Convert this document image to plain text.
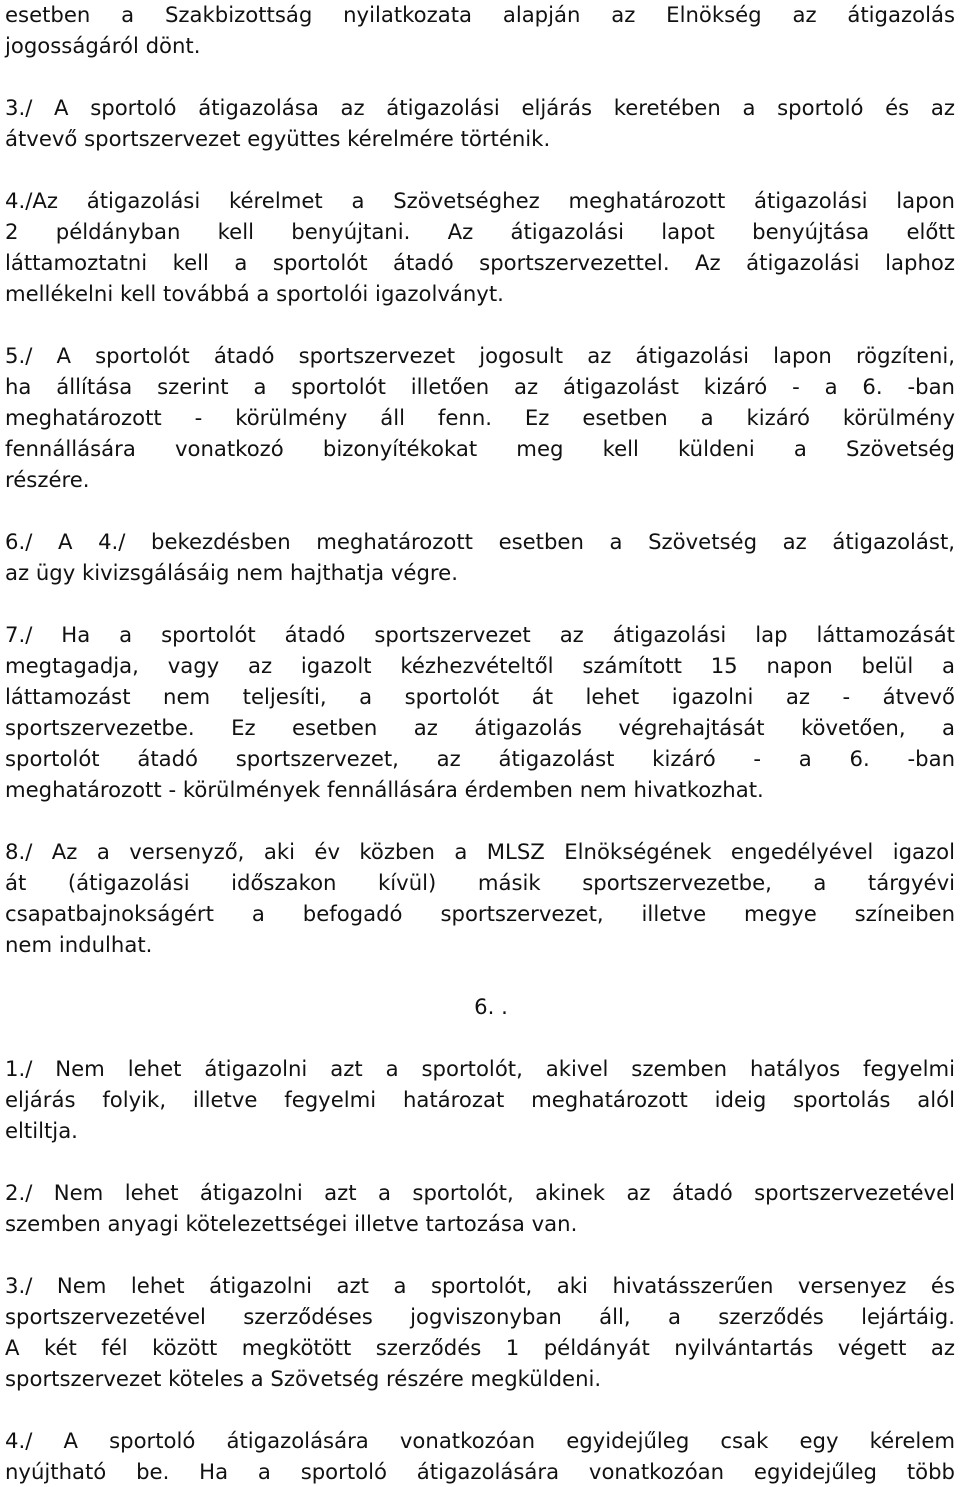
esetben a Szakbizottság nyilatkozata alapján az Elnökség az átigazolás
jogosságáról dönt.
3./ A sportoló átigazolása az átigazolási eljárás keretében a sportoló és az
átvevő sportszervezet együttes kérelmére történik.
4./Az átigazolási kérelmet a Szövetséghez meghatározott átigazolási lapon
2 példányban kell benyújtani. Az átigazolási lapot benyújtása előtt
láttamoztatni kell a sportolót átadó sportszervezettel. Az átigazolási laphoz
mellékelni kell továbbá a sportolói igazolványt.
5./ A sportolót átadó sportszervezet jogosult az átigazolási lapon rögzíteni,
ha állítása szerint a sportolót illetően az átigazolást kizáró - a 6. -ban
meghatározott - körülmény áll fenn. Ez esetben a kizáró körülmény
fennállására vonatkozó bizonyítékokat meg kell küldeni a Szövetség
részére.
6./ A 4./ bekezdésben meghatározott esetben a Szövetség az átigazolást,
az ügy kivizsgálásáig nem hajthatja végre.
7./ Ha a sportolót átadó sportszervezet az átigazolási lap láttamozását
megtagadja, vagy az igazolt kézhezvételtől számított 15 napon belül a
láttamozást nem teljesíti, a sportolót át lehet igazolni az - átvevő
sportszervezetbe. Ez esetben az átigazolás végrehajtását követően, a
sportolót átadó sportszervezet, az átigazolást kizáró - a 6. -ban
meghatározott - körülmények fennállására érdemben nem hivatkozhat.
8./ Az a versenyző, aki év közben a MLSZ Elnökségének engedélyével igazol
át (átigazolási időszakon kívül) másik sportszervezetbe, a tárgyévi
csapatbajnokságért a befogadó sportszervezet, illetve megye színeiben
nem indulhat.
6. .
1./ Nem lehet átigazolni azt a sportolót, akivel szemben hatályos fegyelmi
eljárás folyik, illetve fegyelmi határozat meghatározott ideig sportolás alól
eltiltja.
2./ Nem lehet átigazolni azt a sportolót, akinek az átadó sportszervezetével
szemben anyagi kötelezettségei illetve tartozása van.
3./ Nem lehet átigazolni azt a sportolót, aki hivatásszerűen versenyez és
sportszervezetével szerződéses jogviszonyban áll, a szerződés lejártáig.
A két fél között megkötött szerződés 1 példányát nyilvántartás végett az
sportszervezet köteles a Szövetség részére megküldeni.
4./ A sportoló átigazolására vonatkozóan egyidejűleg csak egy kérelem
nyújtható be. Ha a sportoló átigazolására vonatkozóan egyidejűleg több
